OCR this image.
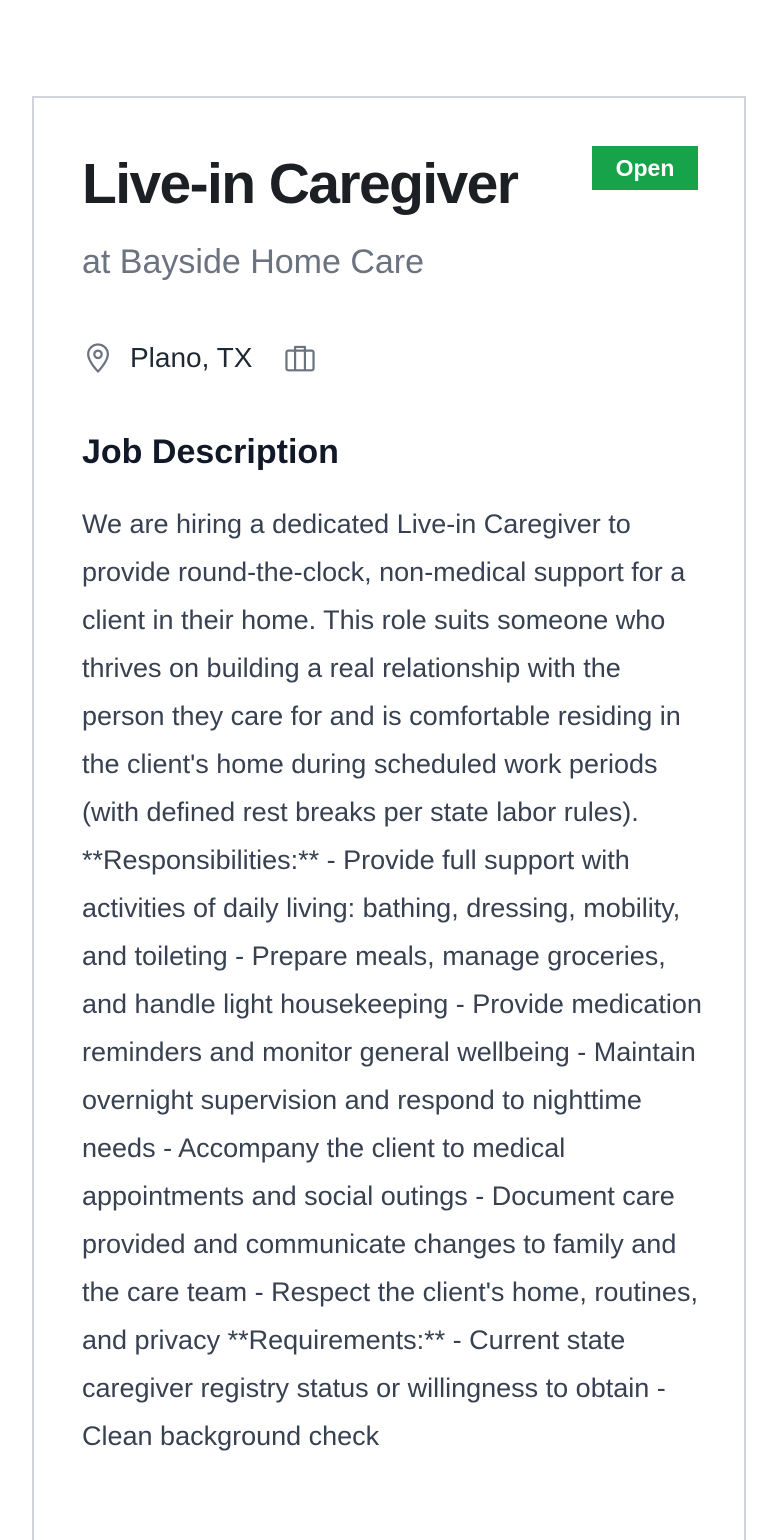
Live-in Caregiver	Open
at Bayside Home Care
Plano, TX
Job Description

We are hiring a dedicated Live-in Caregiver to provide round-the-clock, non-medical support for a client in their home. This role suits someone who thrives on building a real relationship with the person they care for and is comfortable residing in the client's home during scheduled work periods (with defined rest breaks per state labor rules). **Responsibilities:** - Provide full support with activities of daily living: bathing, dressing, mobility, and toileting - Prepare meals, manage groceries, and handle light housekeeping - Provide medication reminders and monitor general wellbeing - Maintain overnight supervision and respond to nighttime needs - Accompany the client to medical appointments and social outings - Document care provided and communicate changes to family and the care team - Respect the client's home, routines, and privacy **Requirements:** - Current state caregiver registry status or willingness to obtain - Clean background check
